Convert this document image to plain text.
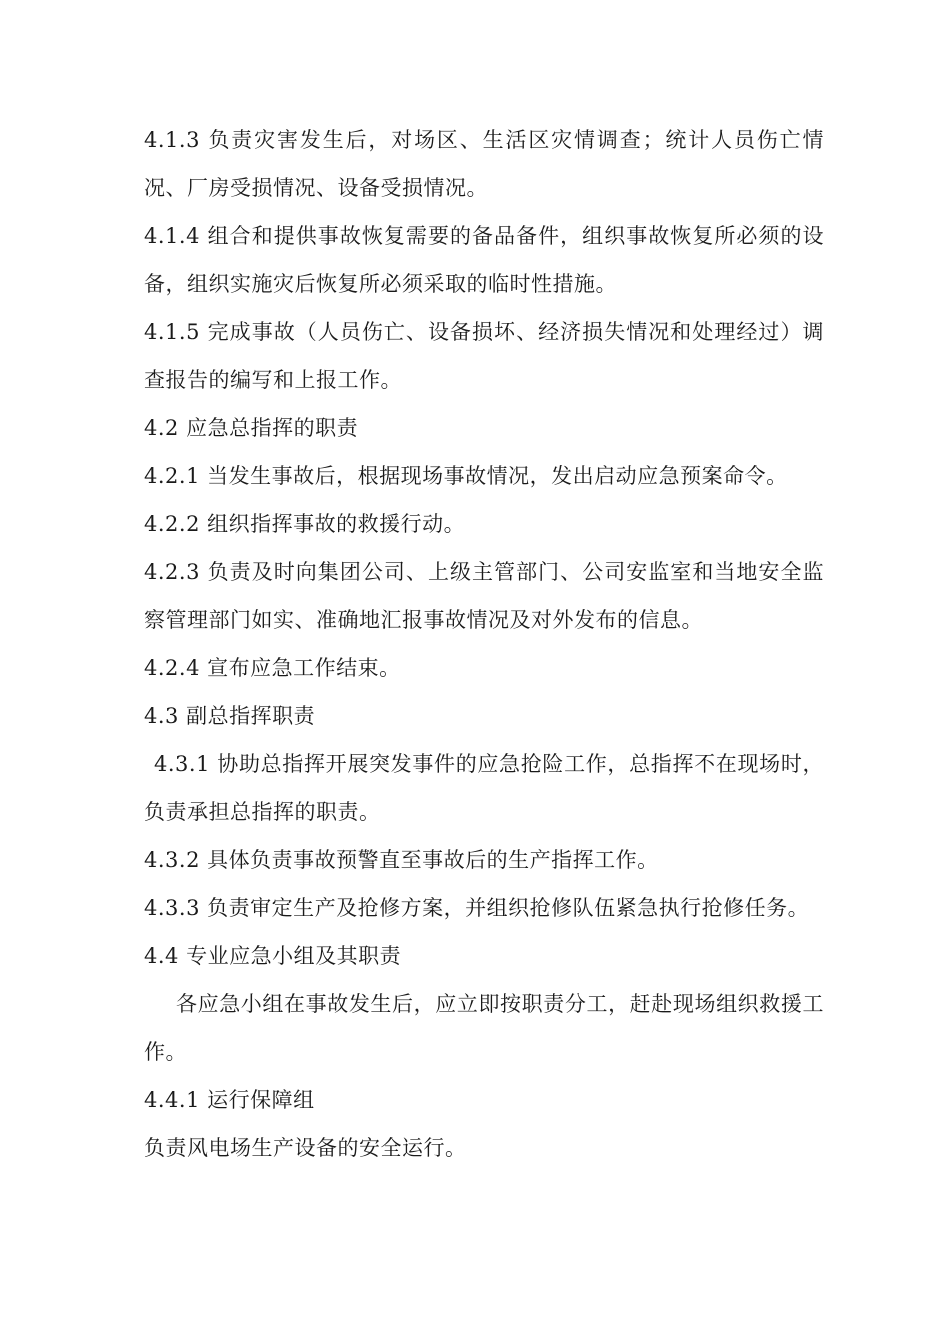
4.1.3 负责灾害发生后，对场区、生活区灾情调查；统计人员伤亡情况、厂房受损情况、设备受损情况。

4.1.4 组合和提供事故恢复需要的备品备件，组织事故恢复所必须的设备，组织实施灾后恢复所必须采取的临时性措施。

4.1.5 完成事故（人员伤亡、设备损坏、经济损失情况和处理经过）调查报告的编写和上报工作。

4.2 应急总指挥的职责

4.2.1 当发生事故后，根据现场事故情况，发出启动应急预案命令。

4.2.2 组织指挥事故的救援行动。

4.2.3 负责及时向集团公司、上级主管部门、公司安监室和当地安全监察管理部门如实、准确地汇报事故情况及对外发布的信息。

4.2.4 宣布应急工作结束。

4.3 副总指挥职责

4.3.1 协助总指挥开展突发事件的应急抢险工作，总指挥不在现场时，负责承担总指挥的职责。

4.3.2 具体负责事故预警直至事故后的生产指挥工作。

4.3.3 负责审定生产及抢修方案，并组织抢修队伍紧急执行抢修任务。

4.4 专业应急小组及其职责

各应急小组在事故发生后，应立即按职责分工，赶赴现场组织救援工作。

4.4.1 运行保障组

负责风电场生产设备的安全运行。
